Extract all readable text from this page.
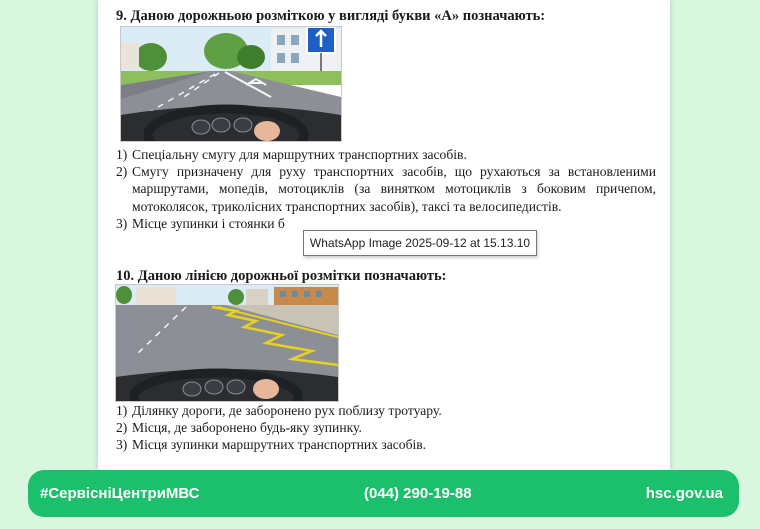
9. Даною дорожньою розміткою у вигляді букви «А» позначають:
1) Спеціальну смугу для маршрутних транспортних засобів.
2) Смугу призначену для руху транспортних засобів, що рухаються за встановленими маршрутами, мопедів, мотоциклів (за винятком мотоциклів з боковим причепом, мотоколясок, триколісних транспортних засобів), таксі та велосипедистів.
3) Місце зупинки і стоянки б
10. Даною лінією дорожньої розмітки позначають:
1) Ділянку дороги, де заборонено рух поблизу тротуару.
2) Місця, де заборонено будь-яку зупинку.
3) Місця зупинки маршрутних транспортних засобів.
WhatsApp Image 2025-09-12 at 15.13.10
#СервісніЦентриМВС	(044) 290-19-88	hsc.gov.ua
